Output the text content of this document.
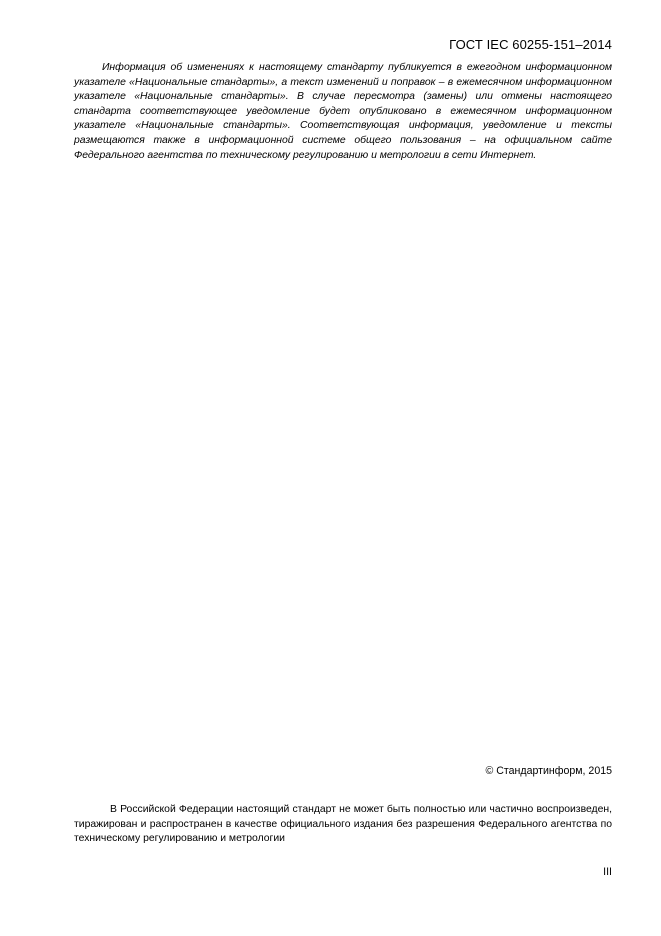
ГОСТ IEC 60255-151–2014

Информация об изменениях к настоящему стандарту публикуется в ежегодном информационном указателе «Национальные стандарты», а текст изменений и поправок – в ежемесячном информационном указателе «Национальные стандарты». В случае пересмотра (замены) или отмены настоящего стандарта соответствующее уведомление будет опубликовано в ежемесячном информационном указателе «Национальные стандарты». Соответствующая информация, уведомление и тексты размещаются также в информационной системе общего пользования – на официальном сайте Федерального агентства по техническому регулированию и метрологии в сети Интернет.

© Стандартинформ, 2015

В Российской Федерации настоящий стандарт не может быть полностью или частично воспроизведен, тиражирован и распространен в качестве официального издания без разрешения Федерального агентства по техническому регулированию и метрологии

III
